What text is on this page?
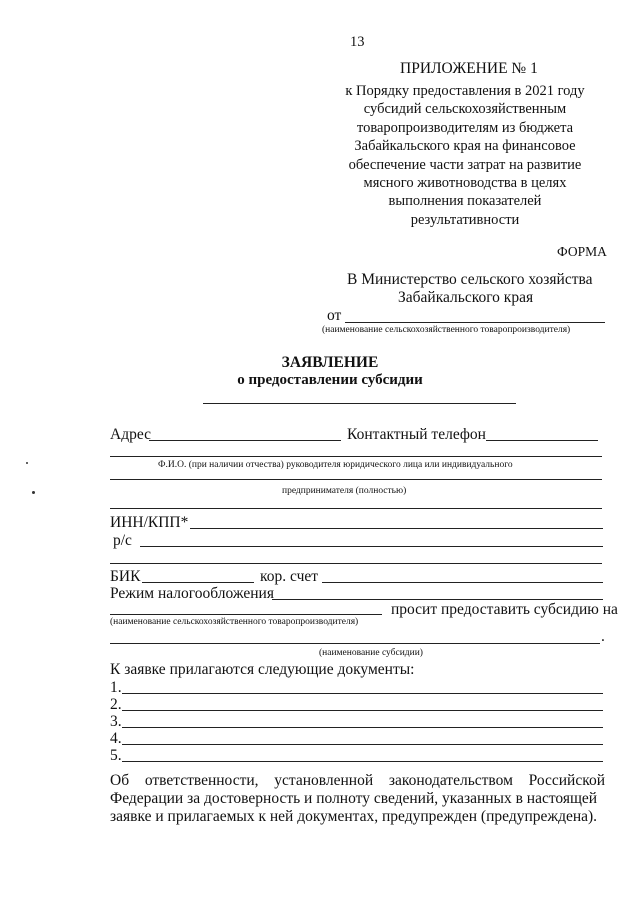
13
ПРИЛОЖЕНИЕ № 1
к Порядку предоставления в 2021 году
субсидий сельскохозяйственным
товаропроизводителям из бюджета
Забайкальского края на финансовое
обеспечение части затрат на развитие
мясного животноводства в целях
выполнения показателей
результативности
ФОРМА
В Министерство сельского хозяйства
Забайкальского края
от
(наименование сельскохозяйственного товаропроизводителя)
ЗАЯВЛЕНИЕ
о предоставлении субсидии
Адрес	Контактный телефон
Ф.И.О. (при наличии отчества) руководителя юридического лица или индивидуального
предпринимателя (полностью)
ИНН/КПП*
р/с
БИК	кор. счет
Режим налогообложения
просит предоставить субсидию на
(наименование сельскохозяйственного товаропроизводителя)
.
(наименование субсидии)
К заявке прилагаются следующие документы:
1.
2.
3.
4.
5.
Об ответственности, установленной законодательством Российской
Федерации за достоверность и полноту сведений, указанных в настоящей
заявке и прилагаемых к ней документах, предупрежден (предупреждена).
